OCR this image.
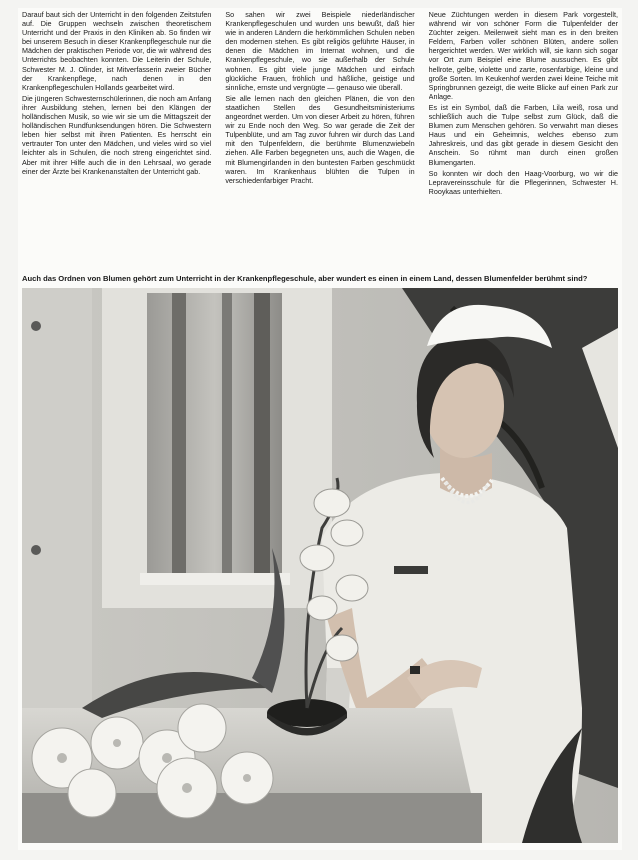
Darauf baut sich der Unterricht in den folgenden Zeitstufen auf. Die Gruppen wechseln zwischen theoretischem Unterricht und der Praxis in den Kliniken ab. So finden wir bei unserem Besuch in dieser Krankenpflegeschule nur die Mädchen der praktischen Periode vor, die wir während des Unterrichts beobachten konnten. Die Leiterin der Schule, Schwester M. J. Olinder, ist Mitverfasserin zweier Bücher der Krankenpflege, nach denen in den Krankenpflegeschulen Hollands gearbeitet wird.

Die jüngeren Schwesternschülerinnen, die noch am Anfang ihrer Ausbildung stehen, lernen bei den Klängen der holländischen Musik, so wie wir sie um die Mittagszeit der holländischen Rundfunksendungen hören. Die Schwestern leben hier selbst mit ihren Patienten. Es herrscht ein vertrauter Ton unter den Mädchen, und vieles wird so viel leichter als in Schulen, die noch streng eingerichtet sind. Aber mit ihrer Hilfe auch die in den Lehrsaal, wo gerade einer der Ärzte bei Krankenanstalten der Unterricht gab.

So sahen wir zwei Beispiele niederländischer Krankenpflegeschulen und wurden uns bewußt, daß hier wie in anderen Ländern die herkömmlichen Schulen neben den modernen stehen. Es gibt religiös geführte Häuser, in denen die Mädchen im Internat wohnen, und die Krankenpflegeschule, wo sie außerhalb der Schule wohnen. Es gibt viele junge Mädchen und einfach glückliche Frauen, fröhlich und häßliche, geistige und sinnliche, ernste und vergnügte — genauso wie überall.

Sie alle lernen nach den gleichen Plänen, die von den staatlichen Stellen des Gesundheitsministeriums angeordnet werden. Um von dieser Arbeit zu hören, führen wir zu Ende noch den Weg. So war gerade die Zeit der Tulpenblüte, und am Tag zuvor fuhren wir durch das Land mit den Tulpenfeldern, die berühmte Blumenzwiebeln ziehen. Alle Farben begegneten uns, auch die Wagen, die mit Blumengirlanden in den buntesten Farben geschmückt waren. Im Krankenhaus blühten die Tulpen in verschiedenfarbiger Pracht.

Neue Züchtungen werden in diesem Park vorgestellt, während wir von schöner Form die Tulpenfelder der Züchter zeigen. Meilenweit sieht man es in den breiten Feldern, Farben voller schönen Blüten, andere sollen hergerichtet werden. Wer wirklich will, sie kann sich sogar vor Ort zum Beispiel eine Blume aussuchen. Es gibt hellrote, gelbe, violette und zarte, rosenfarbige, kleine und große Sorten. Im Keukenhof werden zwei kleine Teiche mit Springbrunnen gezeigt, die weite Blicke auf einen Park zur Anlage.

Es ist ein Symbol, daß die Farben, Lila weiß, rosa und schließlich auch die Tulpe selbst zum Glück, daß die Blumen zum Menschen gehören. So verwahrt man dieses Haus und ein Geheimnis, welches ebenso zum Jahreskreis, und das gibt gerade in diesem Gesicht den Anschein. So rühmt man durch einen großen Blumengarten.

So konnten wir doch den Haag-Voorburg, wo wir die Lepravereinsschule für die Pflegerinnen, Schwester H. Rooykaas unterhielten.

Auch das Ordnen von Blumen gehört zum Unterricht in der Krankenpflegeschule, aber wundert es einen in einem Land, dessen Blumenfelder berühmt sind?
